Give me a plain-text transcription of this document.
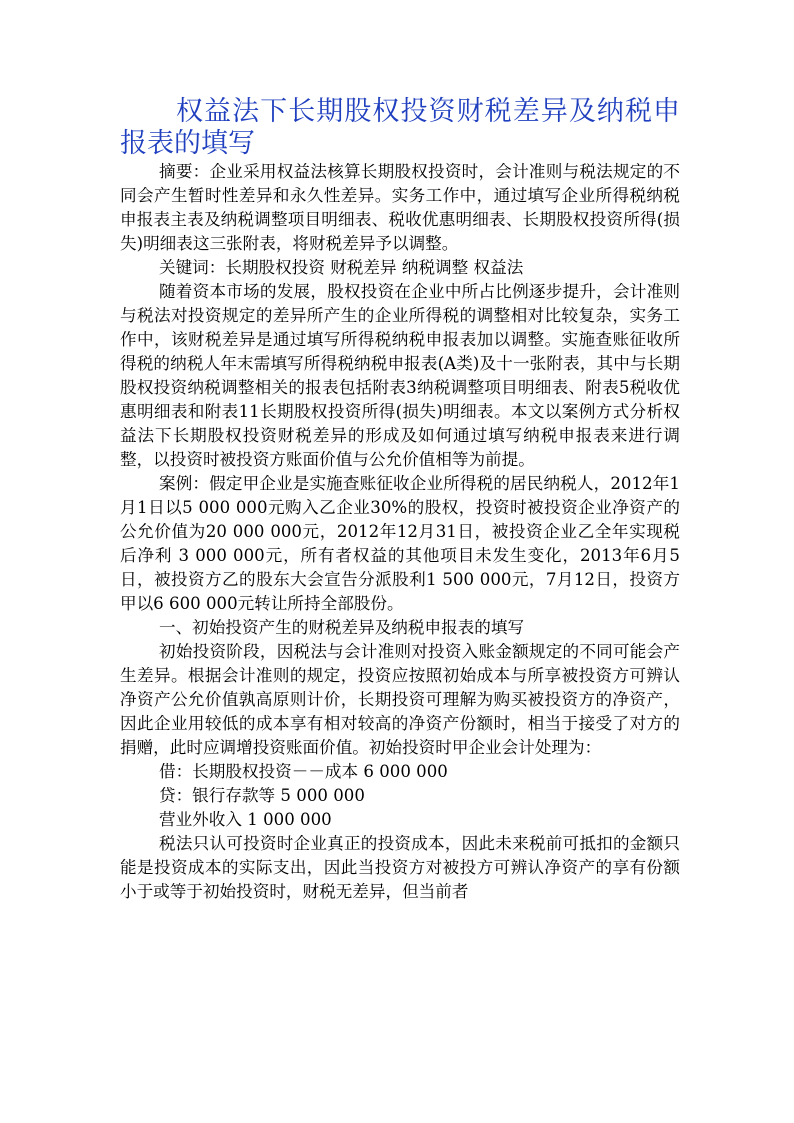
权益法下长期股权投资财税差异及纳税申报表的填写

摘要：企业采用权益法核算长期股权投资时，会计准则与税法规定的不同会产生暂时性差异和永久性差异。实务工作中，通过填写企业所得税纳税申报表主表及纳税调整项目明细表、税收优惠明细表、长期股权投资所得(损失)明细表这三张附表，将财税差异予以调整。

关键词：长期股权投资 财税差异 纳税调整 权益法

随着资本市场的发展，股权投资在企业中所占比例逐步提升，会计准则与税法对投资规定的差异所产生的企业所得税的调整相对比较复杂，实务工作中，该财税差异是通过填写所得税纳税申报表加以调整。实施查账征收所得税的纳税人年末需填写所得税纳税申报表(A类)及十一张附表，其中与长期股权投资纳税调整相关的报表包括附表3纳税调整项目明细表、附表5税收优惠明细表和附表11长期股权投资所得(损失)明细表。本文以案例方式分析权益法下长期股权投资财税差异的形成及如何通过填写纳税申报表来进行调整，以投资时被投资方账面价值与公允价值相等为前提。

案例：假定甲企业是实施查账征收企业所得税的居民纳税人，2012年1月1日以5 000 000元购入乙企业30%的股权，投资时被投资企业净资产的公允价值为20 000 000元，2012年12月31日，被投资企业乙全年实现税后净利 3 000 000元，所有者权益的其他项目未发生变化，2013年6月5日，被投资方乙的股东大会宣告分派股利1 500 000元，7月12日，投资方甲以6 600 000元转让所持全部股份。

一、初始投资产生的财税差异及纳税申报表的填写

初始投资阶段，因税法与会计准则对投资入账金额规定的不同可能会产生差异。根据会计准则的规定，投资应按照初始成本与所享被投资方可辨认净资产公允价值孰高原则计价，长期投资可理解为购买被投资方的净资产，因此企业用较低的成本享有相对较高的净资产份额时，相当于接受了对方的捐赠，此时应调增投资账面价值。初始投资时甲企业会计处理为：

借：长期股权投资－－成本 6 000 000

贷：银行存款等 5 000 000

营业外收入 1 000 000

税法只认可投资时企业真正的投资成本，因此未来税前可抵扣的金额只能是投资成本的实际支出，因此当投资方对被投方可辨认净资产的享有份额小于或等于初始投资时，财税无差异，但当前者
